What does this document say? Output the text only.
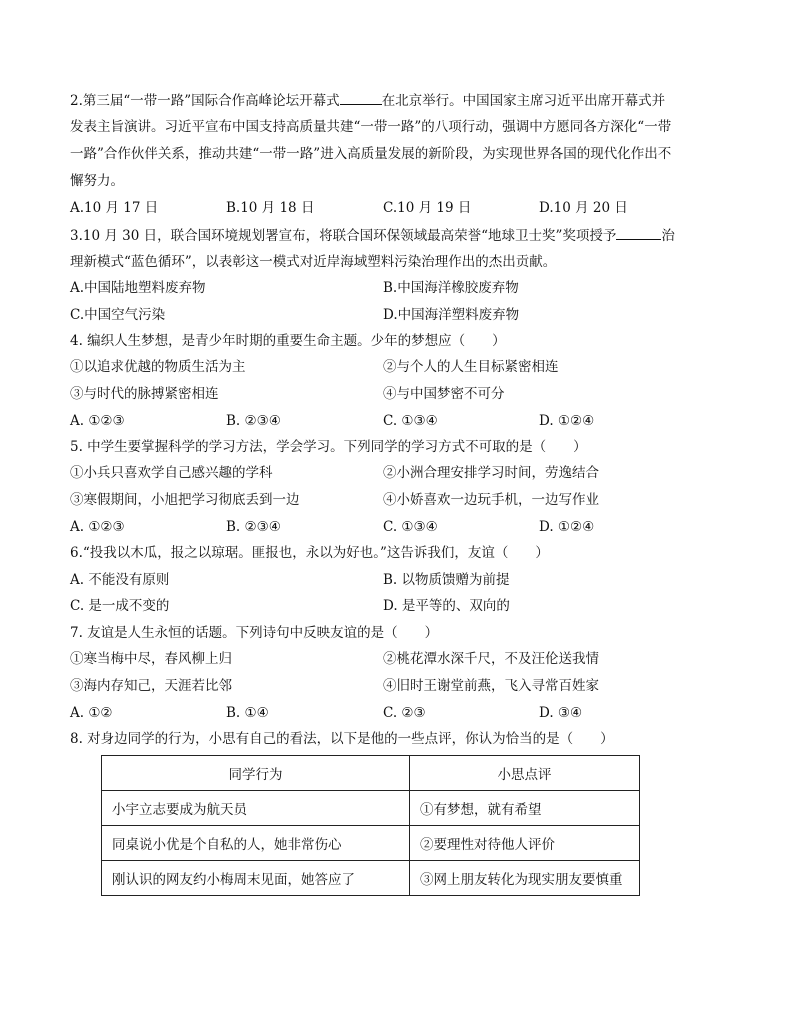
2.第三届“一带一路”国际合作高峰论坛开幕式	在北京举行。中国国家主席习近平出席开幕式并
发表主旨演讲。习近平宣布中国支持高质量共建“一带一路”的八项行动，强调中方愿同各方深化“一带
一路”合作伙伴关系，推动共建“一带一路”进入高质量发展的新阶段，为实现世界各国的现代化作出不
懈努力。
A.10 月 17 日	B.10 月 18 日	C.10 月 19 日	D.10 月 20 日
3.10 月 30 日，联合国环境规划署宣布，将联合国环保领域最高荣誉“地球卫士奖”奖项授予	治
理新模式“蓝色循环”，以表彰这一模式对近岸海域塑料污染治理作出的杰出贡献。
A.中国陆地塑料废弃物	B.中国海洋橡胶废弃物
C.中国空气污染	D.中国海洋塑料废弃物
4. 编织人生梦想，是青少年时期的重要生命主题。少年的梦想应（　　）
①以追求优越的物质生活为主	②与个人的人生目标紧密相连
③与时代的脉搏紧密相连	④与中国梦密不可分
A. ①②③	B. ②③④	C. ①③④	D. ①②④
5. 中学生要掌握科学的学习方法，学会学习。下列同学的学习方式不可取的是（　　）
①小兵只喜欢学自己感兴趣的学科	②小洲合理安排学习时间，劳逸结合
③寒假期间，小旭把学习彻底丢到一边	④小娇喜欢一边玩手机，一边写作业
A. ①②③	B. ②③④	C. ①③④	D. ①②④
6.“投我以木瓜，报之以琼琚。匪报也，永以为好也。”这告诉我们，友谊（　　）
A. 不能没有原则	B. 以物质馈赠为前提
C. 是一成不变的	D. 是平等的、双向的
7. 友谊是人生永恒的话题。下列诗句中反映友谊的是（　　）
①寒当梅中尽，春风柳上归	②桃花潭水深千尺，不及汪伦送我情
③海内存知己，天涯若比邻	④旧时王谢堂前燕，飞入寻常百姓家
A. ①②	B. ①④	C. ②③	D. ③④
8. 对身边同学的行为，小思有自己的看法，以下是他的一些点评，你认为恰当的是（　　）
同学行为	小思点评
小宇立志要成为航天员	①有梦想，就有希望
同桌说小优是个自私的人，她非常伤心	②要理性对待他人评价
刚认识的网友约小梅周末见面，她答应了	③网上朋友转化为现实朋友要慎重
